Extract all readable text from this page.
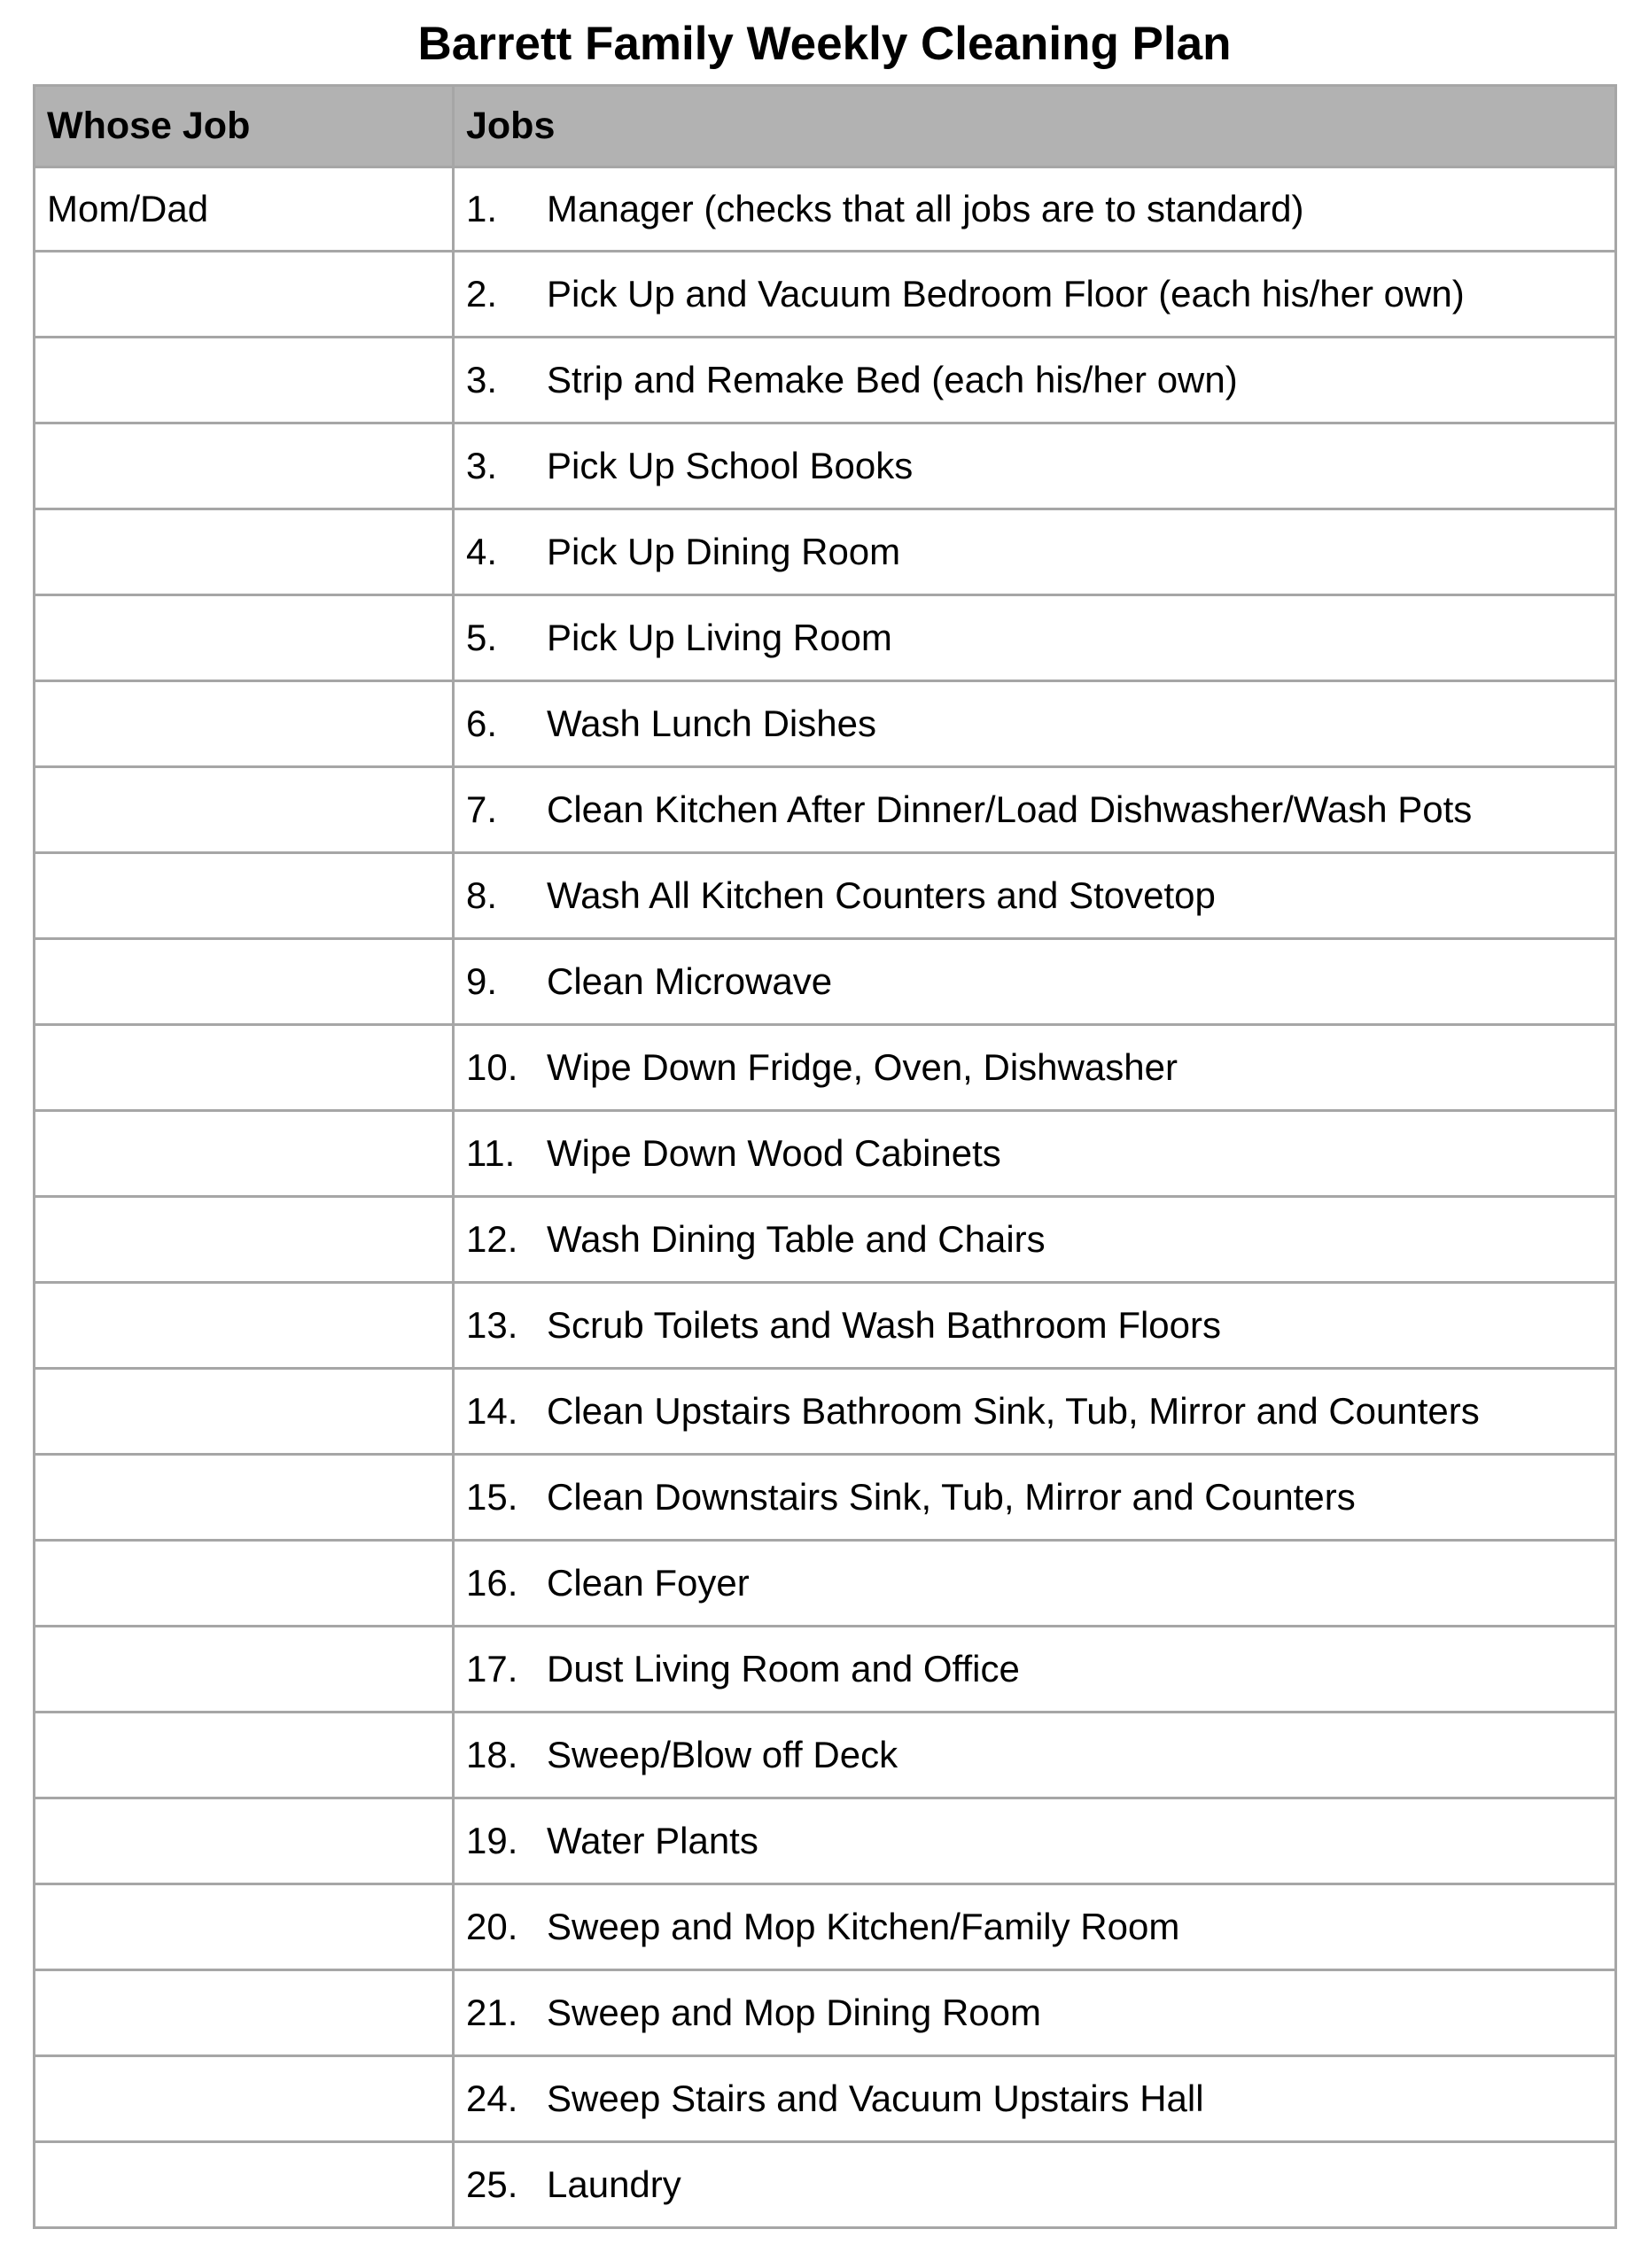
Barrett Family Weekly Cleaning Plan
Whose Job	Jobs
Mom/Dad	1. Manager (checks that all jobs are to standard)
	2. Pick Up and Vacuum Bedroom Floor (each his/her own)
	3. Strip and Remake Bed (each his/her own)
	3. Pick Up School Books
	4. Pick Up Dining Room
	5. Pick Up Living Room
	6. Wash Lunch Dishes
	7. Clean Kitchen After Dinner/Load Dishwasher/Wash Pots
	8. Wash All Kitchen Counters and Stovetop
	9. Clean Microwave
	10. Wipe Down Fridge, Oven, Dishwasher
	11. Wipe Down Wood Cabinets
	12. Wash Dining Table and Chairs
	13. Scrub Toilets and Wash Bathroom Floors
	14. Clean Upstairs Bathroom Sink, Tub, Mirror and Counters
	15. Clean Downstairs Sink, Tub, Mirror and Counters
	16. Clean Foyer
	17. Dust Living Room and Office
	18. Sweep/Blow off Deck
	19. Water Plants
	20. Sweep and Mop Kitchen/Family Room
	21. Sweep and Mop Dining Room
	24. Sweep Stairs and Vacuum Upstairs Hall
	25. Laundry
